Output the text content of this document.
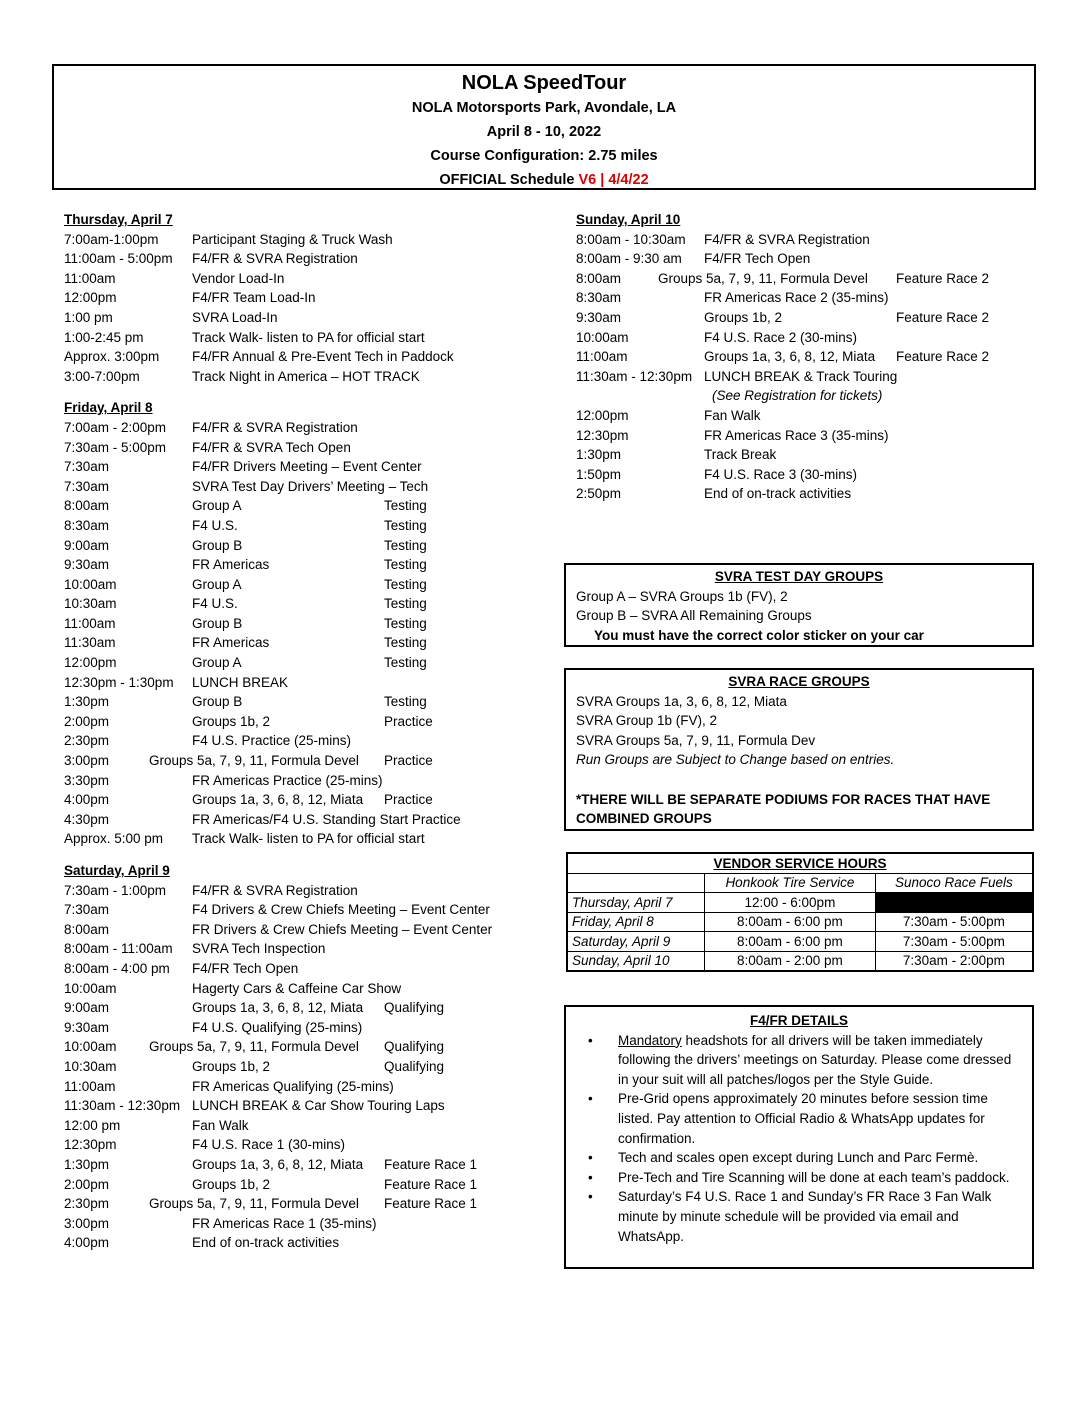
NOLA SpeedTour
NOLA Motorsports Park, Avondale, LA
April 8 - 10, 2022
Course Configuration: 2.75 miles
OFFICIAL Schedule V6 | 4/4/22
Thursday, April 7
7:00am-1:00pm Participant Staging & Truck Wash
11:00am - 5:00pm F4/FR & SVRA Registration
11:00am	Vendor Load-In
12:00pm	F4/FR Team Load-In
1:00 pm	SVRA Load-In
1:00-2:45 pm	Track Walk- listen to PA for official start
Approx. 3:00pm F4/FR Annual & Pre-Event Tech in Paddock
3:00-7:00pm	Track Night in America – HOT TRACK
Friday, April 8
7:00am - 2:00pm F4/FR & SVRA Registration
7:30am - 5:00pm F4/FR & SVRA Tech Open
7:30am	F4/FR Drivers Meeting – Event Center
7:30am	SVRA Test Day Drivers’ Meeting – Tech
8:00am	Group A	Testing
8:30am	F4 U.S.	Testing
9:00am	Group B	Testing
9:30am	FR Americas	Testing
10:00am	Group A	Testing
10:30am	F4 U.S.	Testing
11:00am	Group B	Testing
11:30am	FR Americas	Testing
12:00pm	Group A	Testing
12:30pm - 1:30pm LUNCH BREAK
1:30pm	Group B	Testing
2:00pm	Groups 1b, 2	Practice
2:30pm	F4 U.S. Practice (25-mins)
3:00pm	Groups 5a, 7, 9, 11, Formula Devel Practice
3:30pm	FR Americas Practice (25-mins)
4:00pm	Groups 1a, 3, 6, 8, 12, Miata Practice
4:30pm	FR Americas/F4 U.S. Standing Start Practice
Approx. 5:00 pm Track Walk- listen to PA for official start
Saturday, April 9
7:30am - 1:00pm F4/FR & SVRA Registration
7:30am	F4 Drivers & Crew Chiefs Meeting – Event Center
8:00am	FR Drivers & Crew Chiefs Meeting – Event Center
8:00am - 11:00am SVRA Tech Inspection
8:00am - 4:00 pm F4/FR Tech Open
10:00am	Hagerty Cars & Caffeine Car Show
9:00am	Groups 1a, 3, 6, 8, 12, Miata Qualifying
9:30am	F4 U.S. Qualifying (25-mins)
10:00am Groups 5a, 7, 9, 11, Formula Devel Qualifying
10:30am	Groups 1b, 2	Qualifying
11:00am	FR Americas Qualifying (25-mins)
11:30am - 12:30pm LUNCH BREAK & Car Show Touring Laps
12:00 pm	Fan Walk
12:30pm	F4 U.S. Race 1 (30-mins)
1:30pm	Groups 1a, 3, 6, 8, 12, Miata Feature Race 1
2:00pm	Groups 1b, 2	Feature Race 1
2:30pm	Groups 5a, 7, 9, 11, Formula Devel Feature Race 1
3:00pm	FR Americas Race 1 (35-mins)
4:00pm	End of on-track activities
Sunday, April 10
8:00am - 10:30am F4/FR & SVRA Registration
8:00am - 9:30 am F4/FR Tech Open
8:00am	Groups 5a, 7, 9, 11, Formula Devel Feature Race 2
8:30am	FR Americas Race 2 (35-mins)
9:30am	Groups 1b, 2	Feature Race 2
10:00am	F4 U.S. Race 2 (30-mins)
11:00am	Groups 1a, 3, 6, 8, 12, Miata Feature Race 2
11:30am - 12:30pm LUNCH BREAK & Track Touring
(See Registration for tickets)
12:00pm	Fan Walk
12:30pm	FR Americas Race 3 (35-mins)
1:30pm	Track Break
1:50pm	F4 U.S. Race 3 (30-mins)
2:50pm	End of on-track activities
SVRA TEST DAY GROUPS
Group A – SVRA Groups 1b (FV), 2
Group B – SVRA All Remaining Groups
You must have the correct color sticker on your car
SVRA RACE GROUPS
SVRA Groups 1a, 3, 6, 8, 12, Miata
SVRA Group 1b (FV), 2
SVRA Groups 5a, 7, 9, 11, Formula Dev
Run Groups are Subject to Change based on entries.
*THERE WILL BE SEPARATE PODIUMS FOR RACES THAT HAVE
COMBINED GROUPS
VENDOR SERVICE HOURS		
	Honkook Tire Service	Sunoco Race Fuels
Thursday, April 7	12:00 - 6:00pm	
Friday, April 8	8:00am - 6:00 pm	7:30am - 5:00pm
Saturday, April 9	8:00am - 6:00 pm	7:30am - 5:00pm
Sunday, April 10	8:00am - 2:00 pm	7:30am - 2:00pm
F4/FR DETAILS
• Mandatory headshots for all drivers will be taken immediately following the drivers’ meetings on Saturday. Please come dressed in your suit will all patches/logos per the Style Guide.
• Pre-Grid opens approximately 20 minutes before session time listed. Pay attention to Official Radio & WhatsApp updates for confirmation.
• Tech and scales open except during Lunch and Parc Fermè.
• Pre-Tech and Tire Scanning will be done at each team’s paddock.
• Saturday’s F4 U.S. Race 1 and Sunday’s FR Race 3 Fan Walk minute by minute schedule will be provided via email and WhatsApp.
